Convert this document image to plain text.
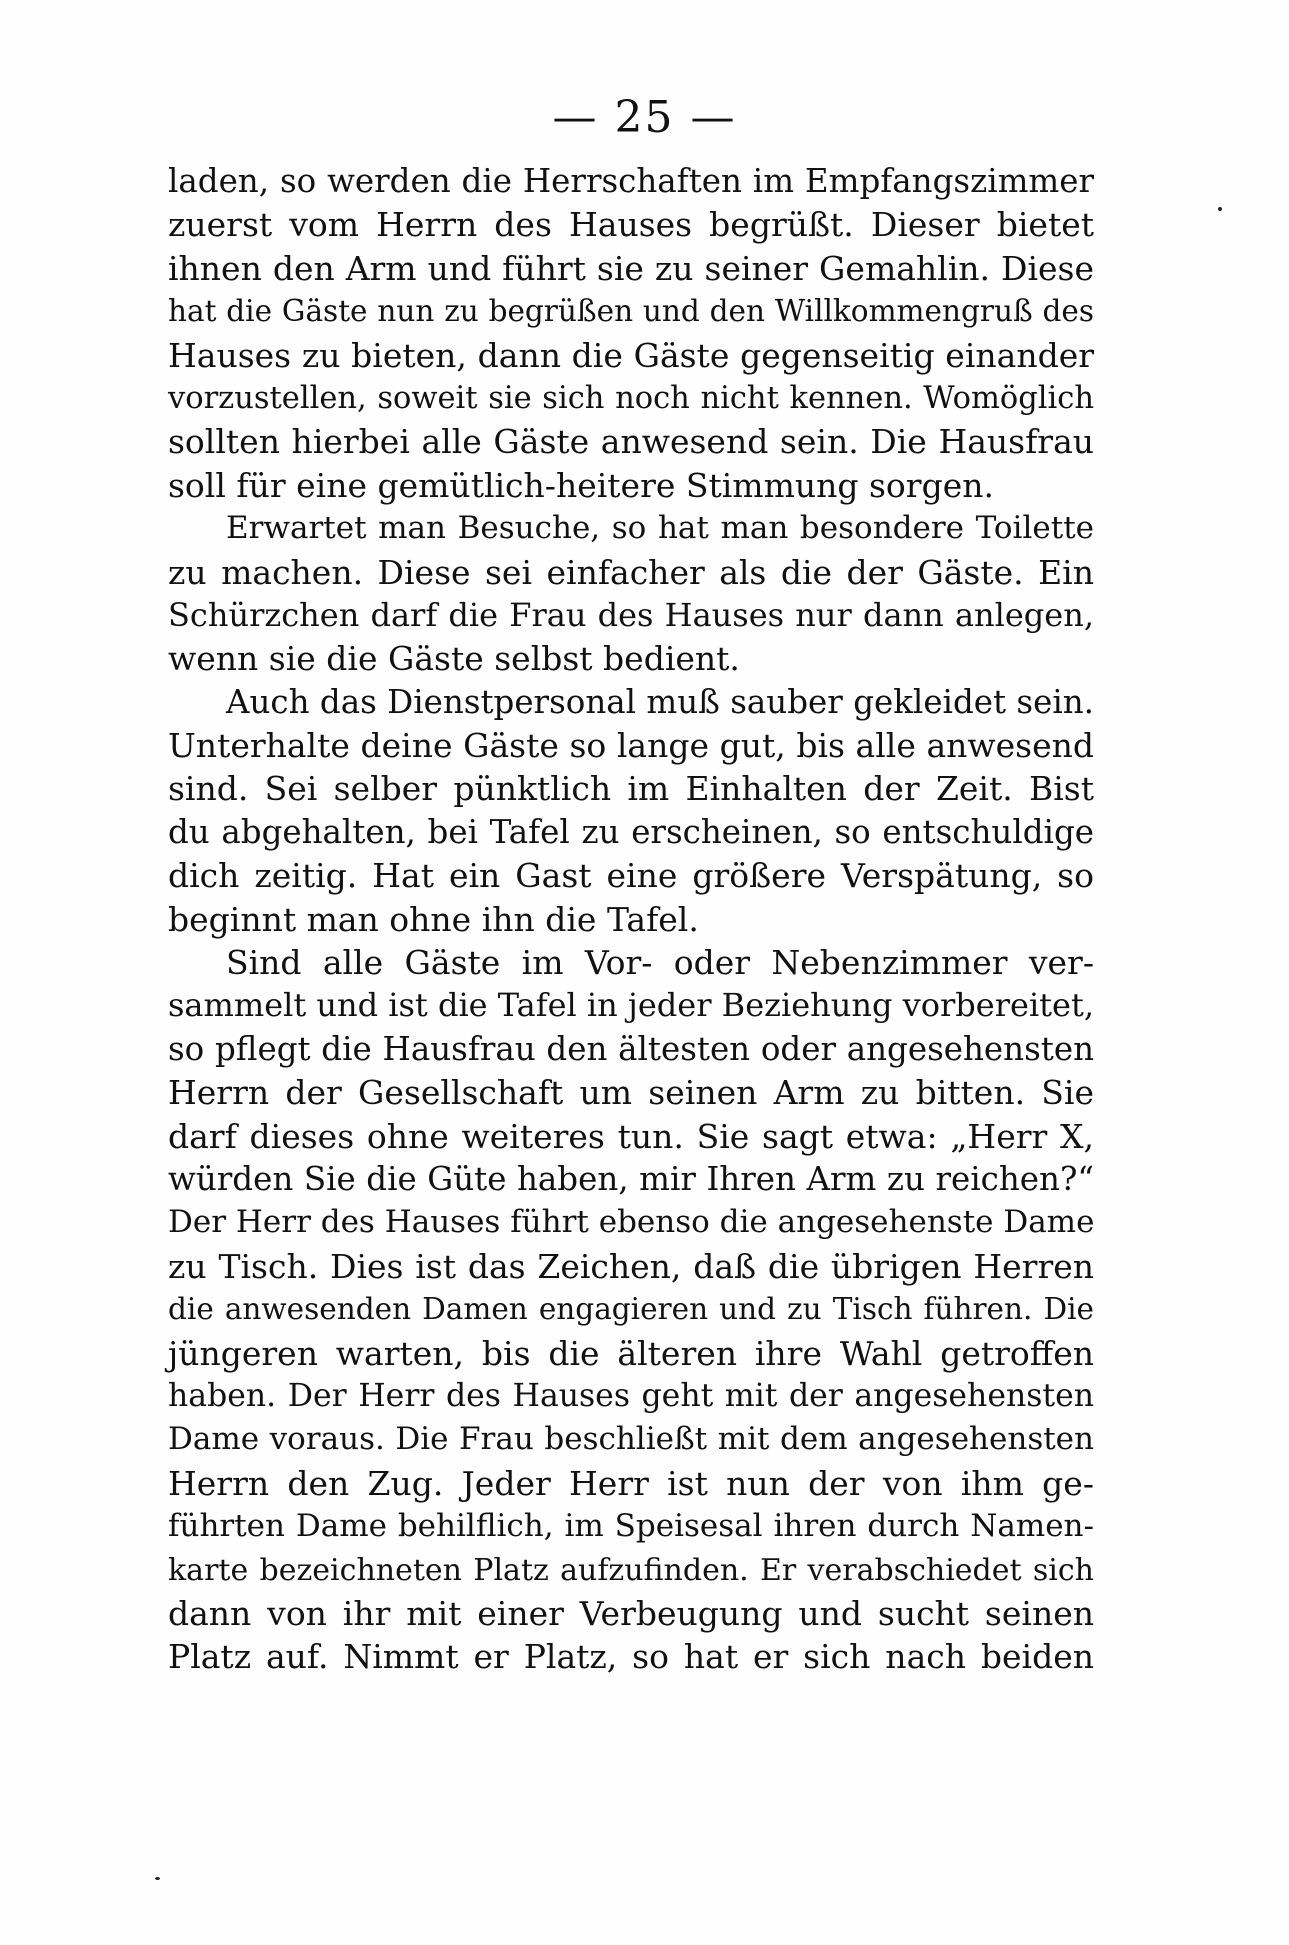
— 25 —
laden, so werden die Herrschaften im Empfangszimmer
zuerst vom Herrn des Hauses begrüßt. Dieser bietet
ihnen den Arm und führt sie zu seiner Gemahlin. Diese
hat die Gäste nun zu begrüßen und den Willkommengruß des
Hauses zu bieten, dann die Gäste gegenseitig einander
vorzustellen, soweit sie sich noch nicht kennen. Womöglich
sollten hierbei alle Gäste anwesend sein. Die Hausfrau
soll für eine gemütlich-heitere Stimmung sorgen.
Erwartet man Besuche, so hat man besondere Toilette
zu machen. Diese sei einfacher als die der Gäste. Ein
Schürzchen darf die Frau des Hauses nur dann anlegen,
wenn sie die Gäste selbst bedient.
Auch das Dienstpersonal muß sauber gekleidet sein.
Unterhalte deine Gäste so lange gut, bis alle anwesend
sind. Sei selber pünktlich im Einhalten der Zeit. Bist
du abgehalten, bei Tafel zu erscheinen, so entschuldige
dich zeitig. Hat ein Gast eine größere Verspätung, so
beginnt man ohne ihn die Tafel.
Sind alle Gäste im Vor- oder Nebenzimmer ver-
sammelt und ist die Tafel in jeder Beziehung vorbereitet,
so pflegt die Hausfrau den ältesten oder angesehensten
Herrn der Gesellschaft um seinen Arm zu bitten. Sie
darf dieses ohne weiteres tun. Sie sagt etwa: „Herr X,
würden Sie die Güte haben, mir Ihren Arm zu reichen?“
Der Herr des Hauses führt ebenso die angesehenste Dame
zu Tisch. Dies ist das Zeichen, daß die übrigen Herren
die anwesenden Damen engagieren und zu Tisch führen. Die
jüngeren warten, bis die älteren ihre Wahl getroffen
haben. Der Herr des Hauses geht mit der angesehensten
Dame voraus. Die Frau beschließt mit dem angesehensten
Herrn den Zug. Jeder Herr ist nun der von ihm ge-
führten Dame behilflich, im Speisesal ihren durch Namen-
karte bezeichneten Platz aufzufinden. Er verabschiedet sich
dann von ihr mit einer Verbeugung und sucht seinen
Platz auf. Nimmt er Platz, so hat er sich nach beiden
